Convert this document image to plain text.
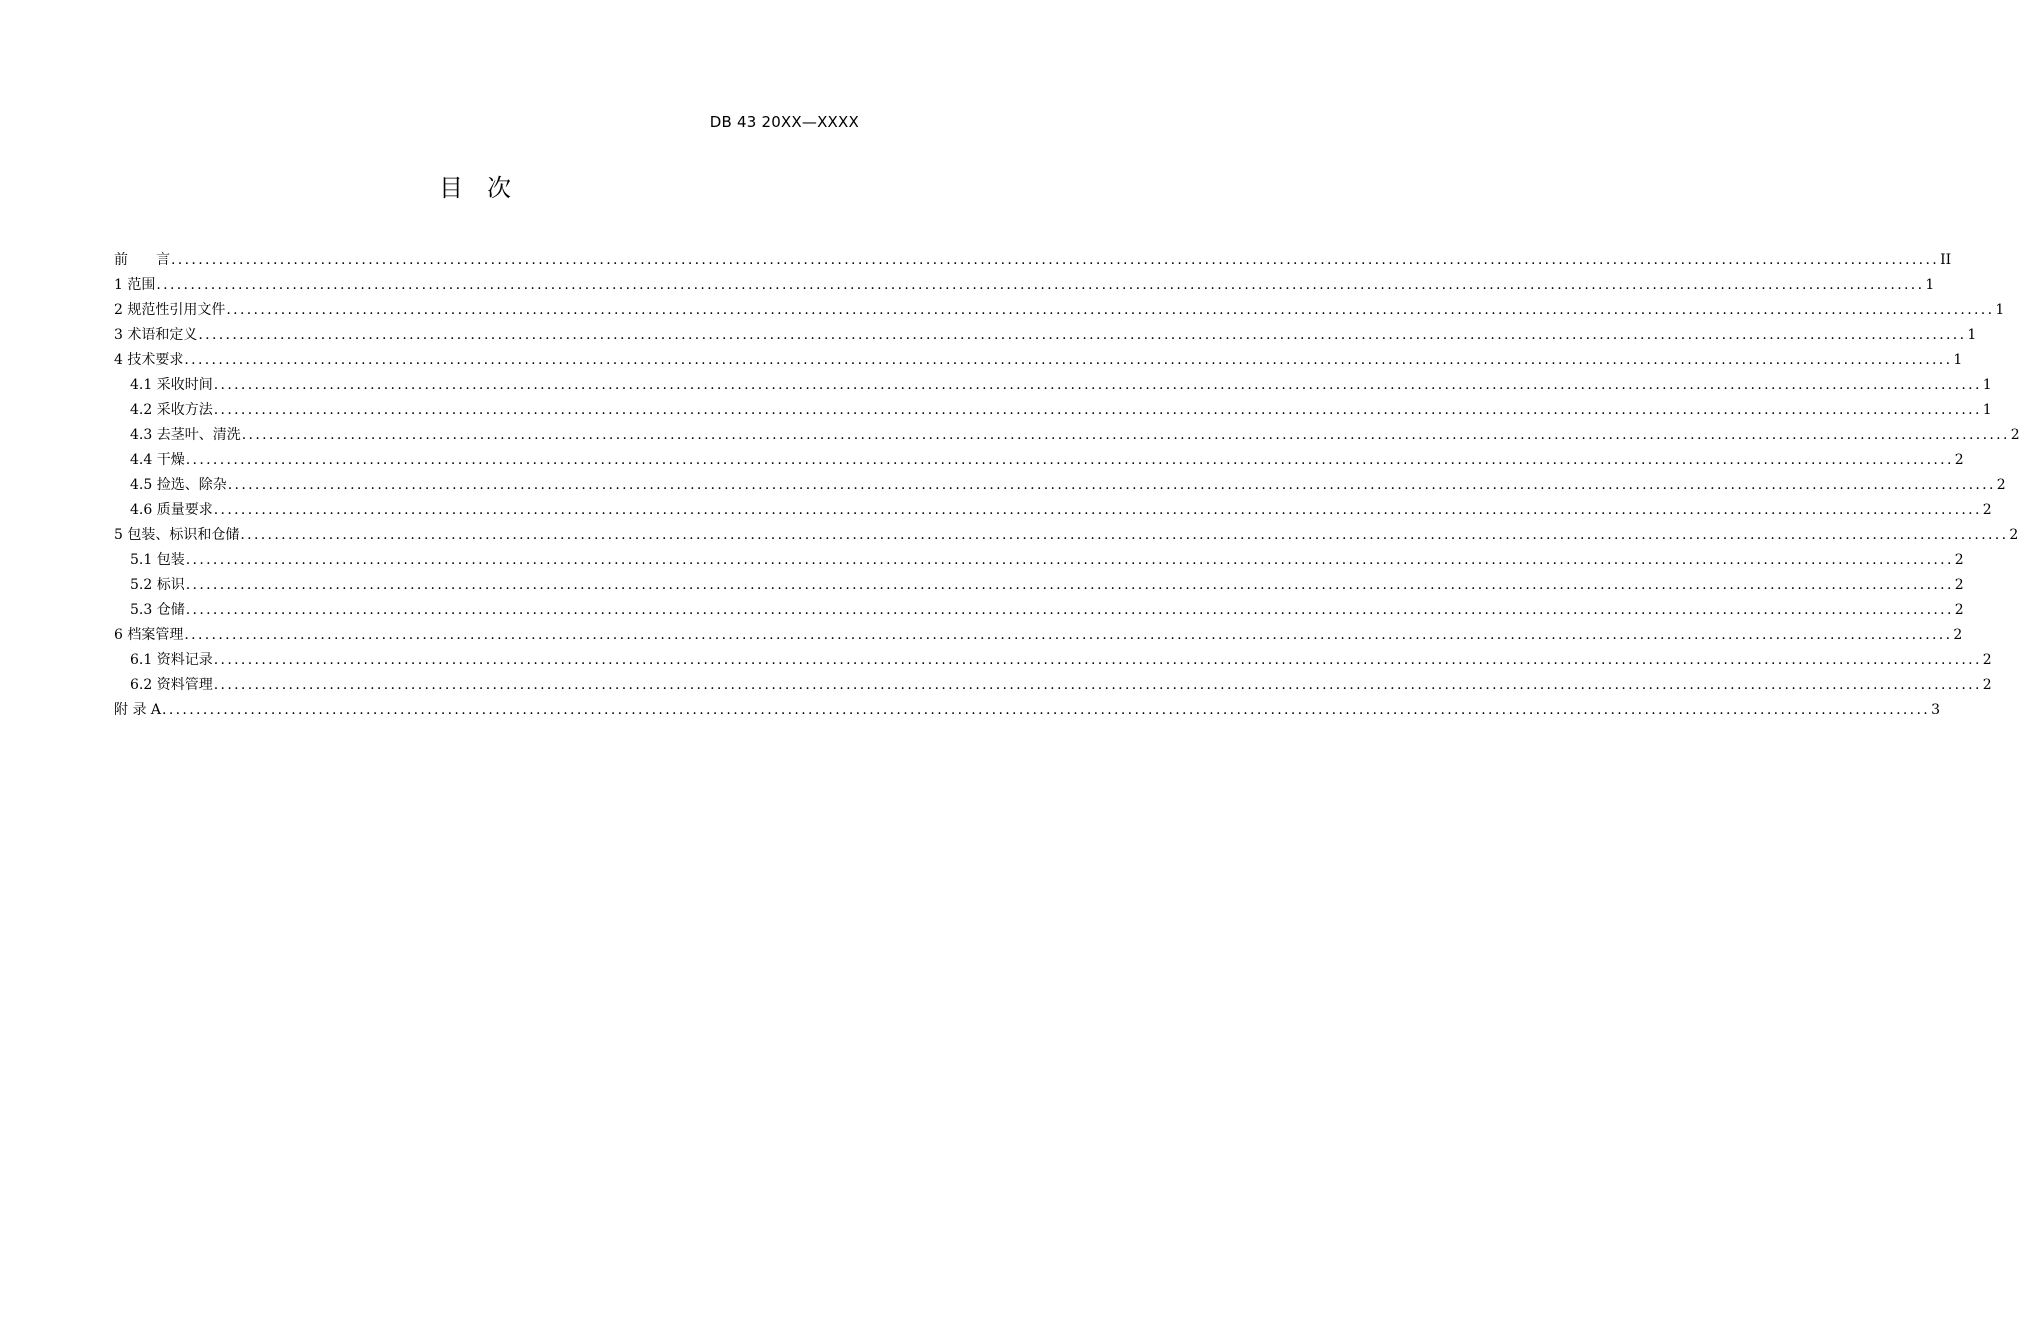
DB 43 20XX—XXXX
目 次
前　　言 .................................................................................................................................................................................................................................................................... II
1 范围 .................................................................................................................................................................................................................................................................... 1
2 规范性引用文件 .................................................................................................................................................................................................................................................................... 1
3 术语和定义 .................................................................................................................................................................................................................................................................... 1
4 技术要求 .................................................................................................................................................................................................................................................................... 1
4.1 采收时间 .................................................................................................................................................................................................................................................................... 1
4.2 采收方法 .................................................................................................................................................................................................................................................................... 1
4.3 去茎叶、清洗 .................................................................................................................................................................................................................................................................... 2
4.4 干燥 .................................................................................................................................................................................................................................................................... 2
4.5 捡选、除杂 .................................................................................................................................................................................................................................................................... 2
4.6 质量要求 .................................................................................................................................................................................................................................................................... 2
5 包装、标识和仓储 .................................................................................................................................................................................................................................................................... 2
5.1 包装 .................................................................................................................................................................................................................................................................... 2
5.2 标识 .................................................................................................................................................................................................................................................................... 2
5.3 仓储 .................................................................................................................................................................................................................................................................... 2
6 档案管理 .................................................................................................................................................................................................................................................................... 2
6.1 资料记录 .................................................................................................................................................................................................................................................................... 2
6.2 资料管理 .................................................................................................................................................................................................................................................................... 2
附 录 A .................................................................................................................................................................................................................................................................... 3
